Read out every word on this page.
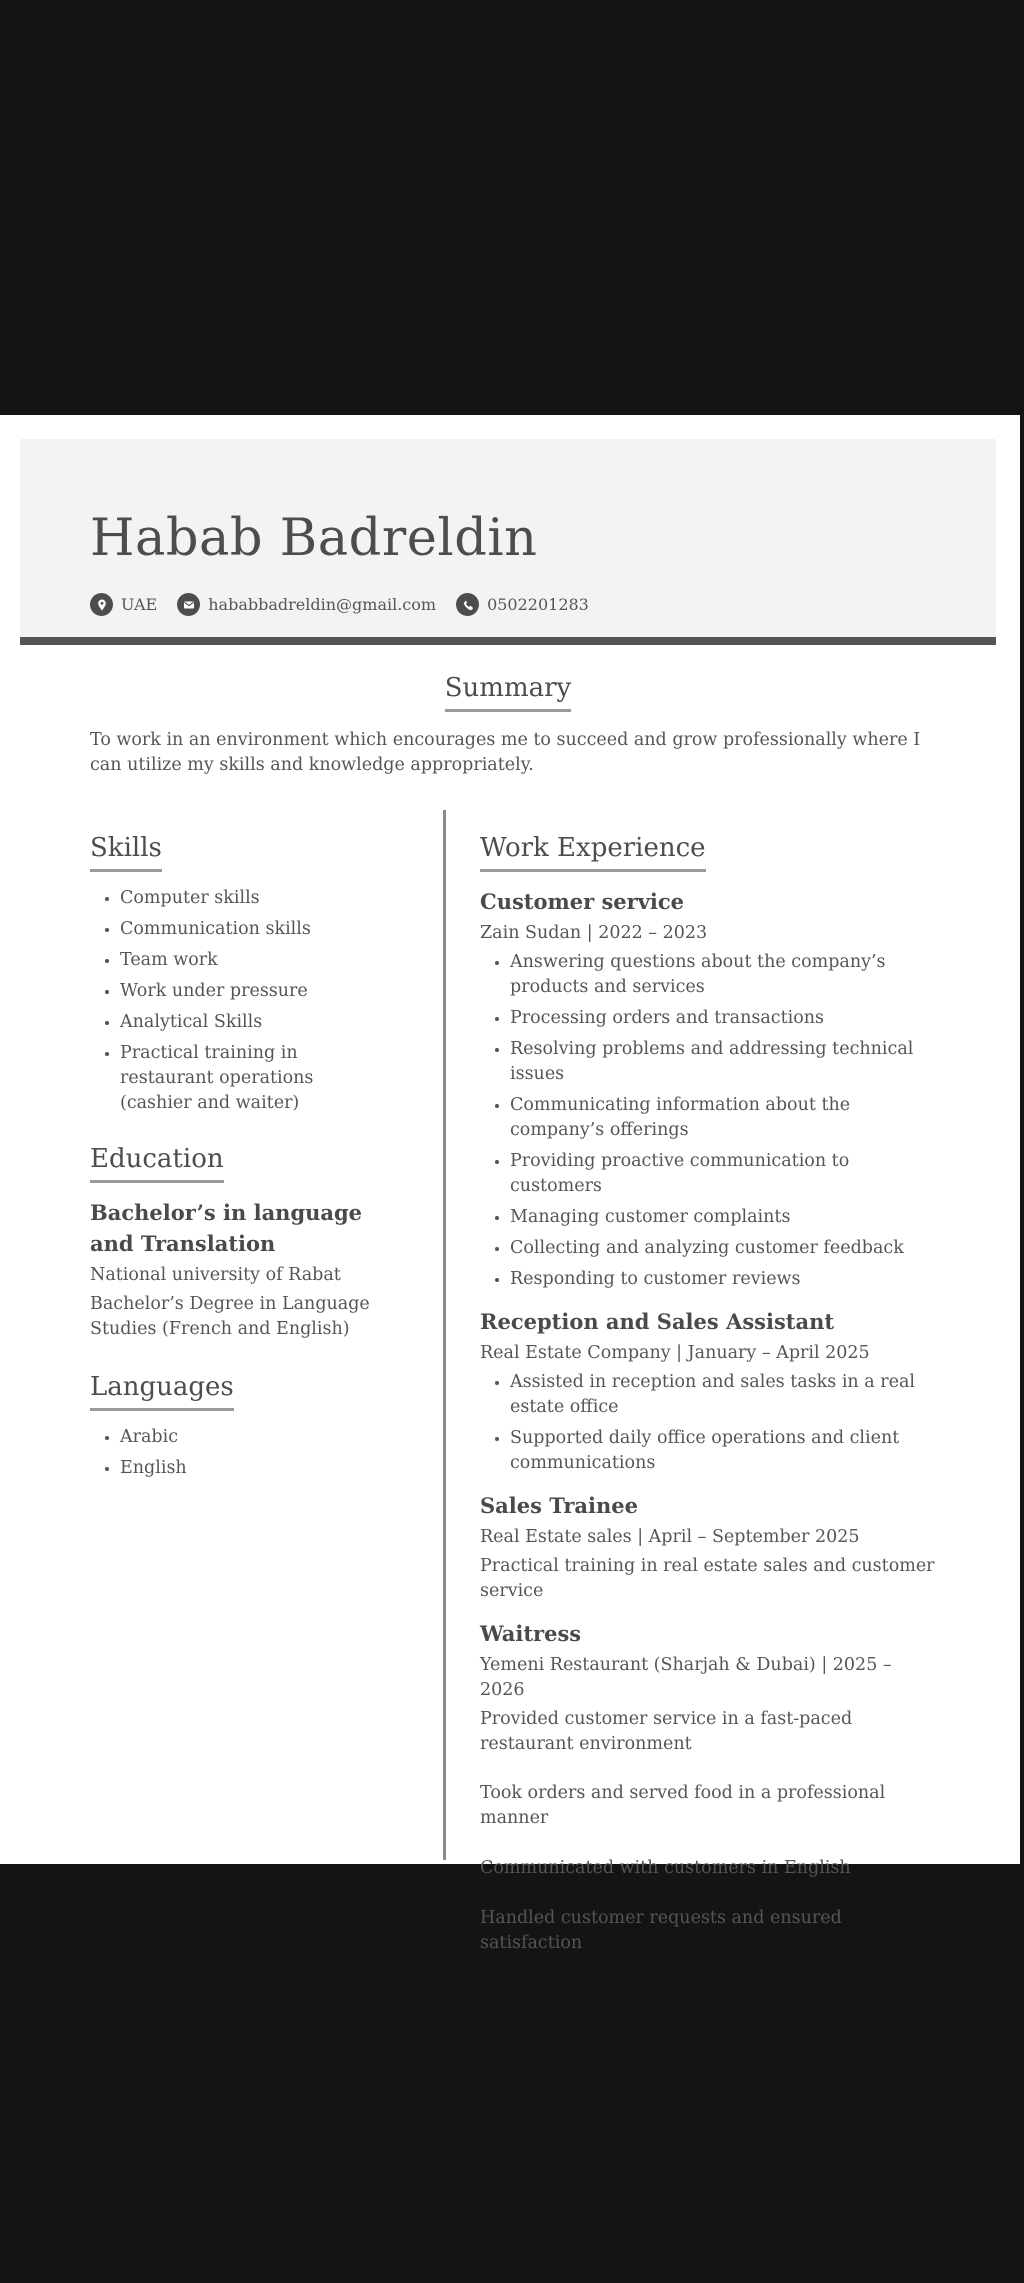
Habab Badreldin
UAE	hababbadreldin@gmail.com	0502201283
Summary
To work in an environment which encourages me to succeed and grow professionally where I can utilize my skills and knowledge appropriately.
Skills
• Computer skills
• Communication skills
• Team work
• Work under pressure
• Analytical Skills
• Practical training in restaurant operations (cashier and waiter)
Education
Bachelor’s in language and Translation
National university of Rabat
Bachelor’s Degree in Language Studies (French and English)
Languages
• Arabic
• English
Work Experience
Customer service
Zain Sudan | 2022 – 2023
• Answering questions about the company’s products and services
• Processing orders and transactions
• Resolving problems and addressing technical issues
• Communicating information about the company’s offerings
• Providing proactive communication to customers
• Managing customer complaints
• Collecting and analyzing customer feedback
• Responding to customer reviews
Reception and Sales Assistant
Real Estate Company | January – April 2025
• Assisted in reception and sales tasks in a real estate office
• Supported daily office operations and client communications
Sales Trainee
Real Estate sales | April – September 2025
Practical training in real estate sales and customer service
Waitress
Yemeni Restaurant (Sharjah & Dubai) | 2025 – 2026
Provided customer service in a fast-paced restaurant environment
Took orders and served food in a professional manner
Communicated with customers in English
Handled customer requests and ensured satisfaction
